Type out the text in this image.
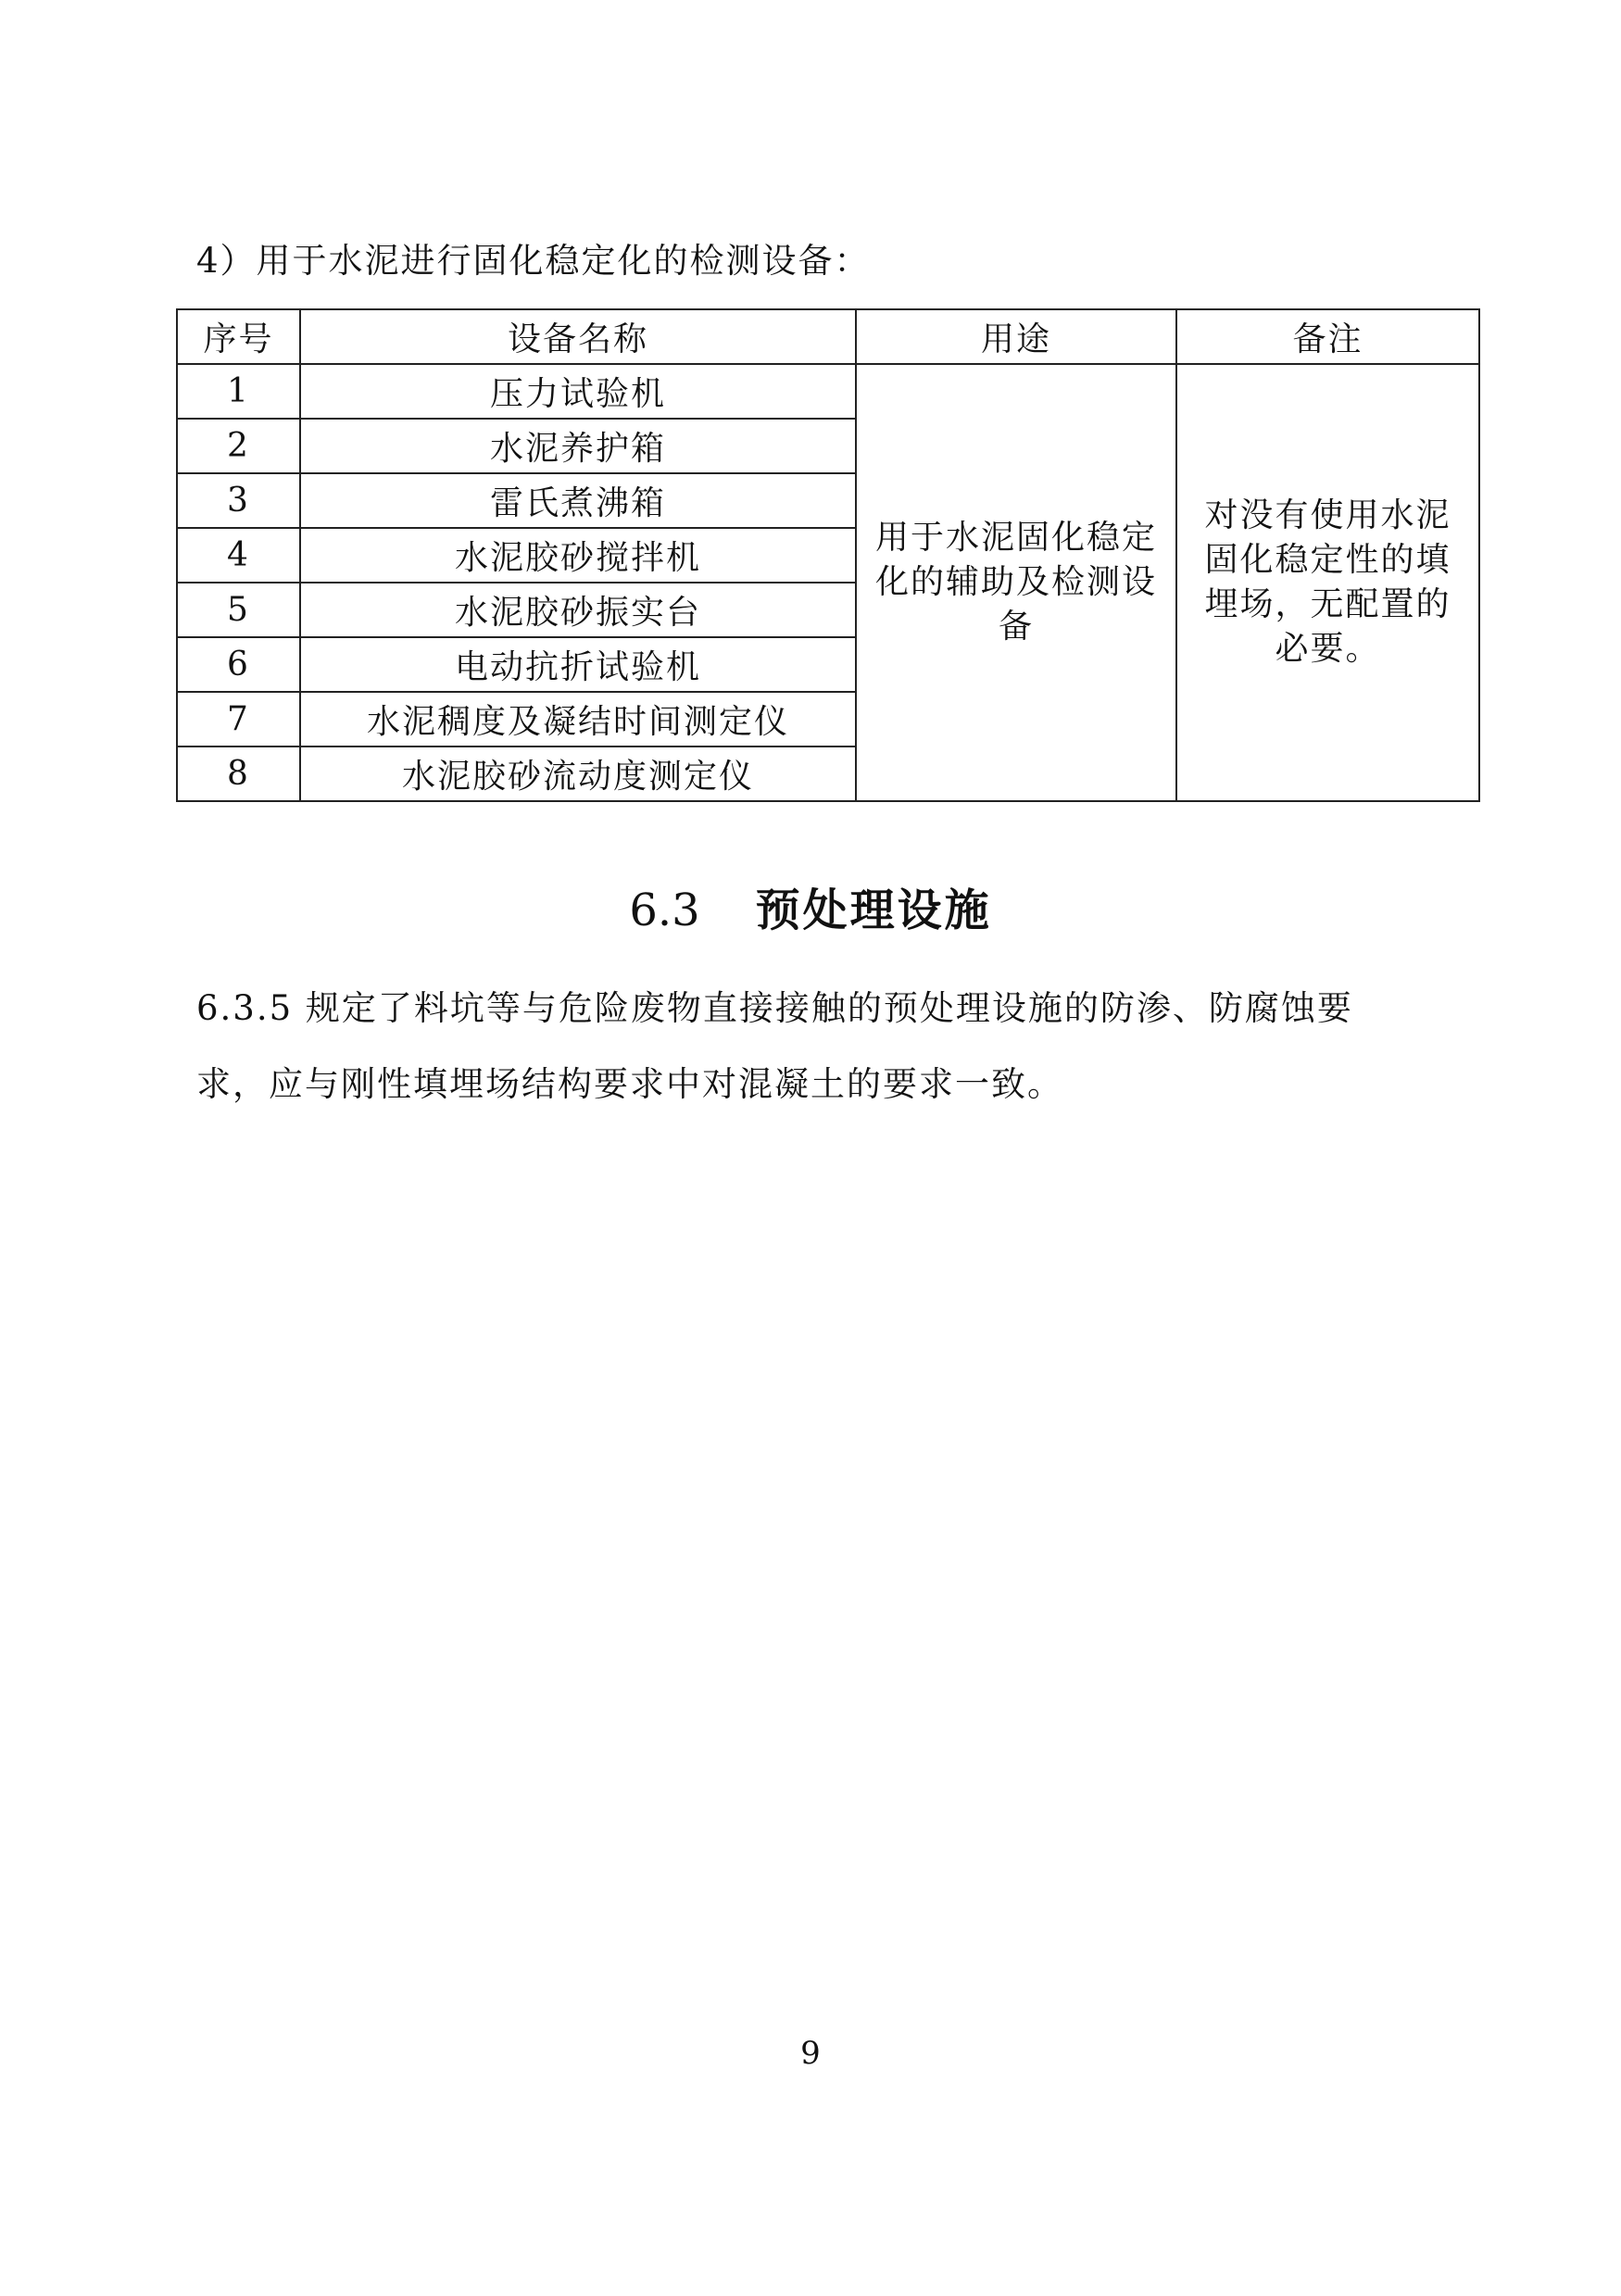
4）用于水泥进行固化稳定化的检测设备：
序号	设备名称	用途	备注
1	压力试验机	用于水泥固化稳定化的辅助及检测设备	对没有使用水泥固化稳定性的填埋场，无配置的必要。
2	水泥养护箱		
3	雷氏煮沸箱		
4	水泥胶砂搅拌机		
5	水泥胶砂振实台		
6	电动抗折试验机		
7	水泥稠度及凝结时间测定仪		
8	水泥胶砂流动度测定仪		
6.3 预处理设施

6.3.5 规定了料坑等与危险废物直接接触的预处理设施的防渗、防腐蚀要

求，应与刚性填埋场结构要求中对混凝土的要求一致。

9
